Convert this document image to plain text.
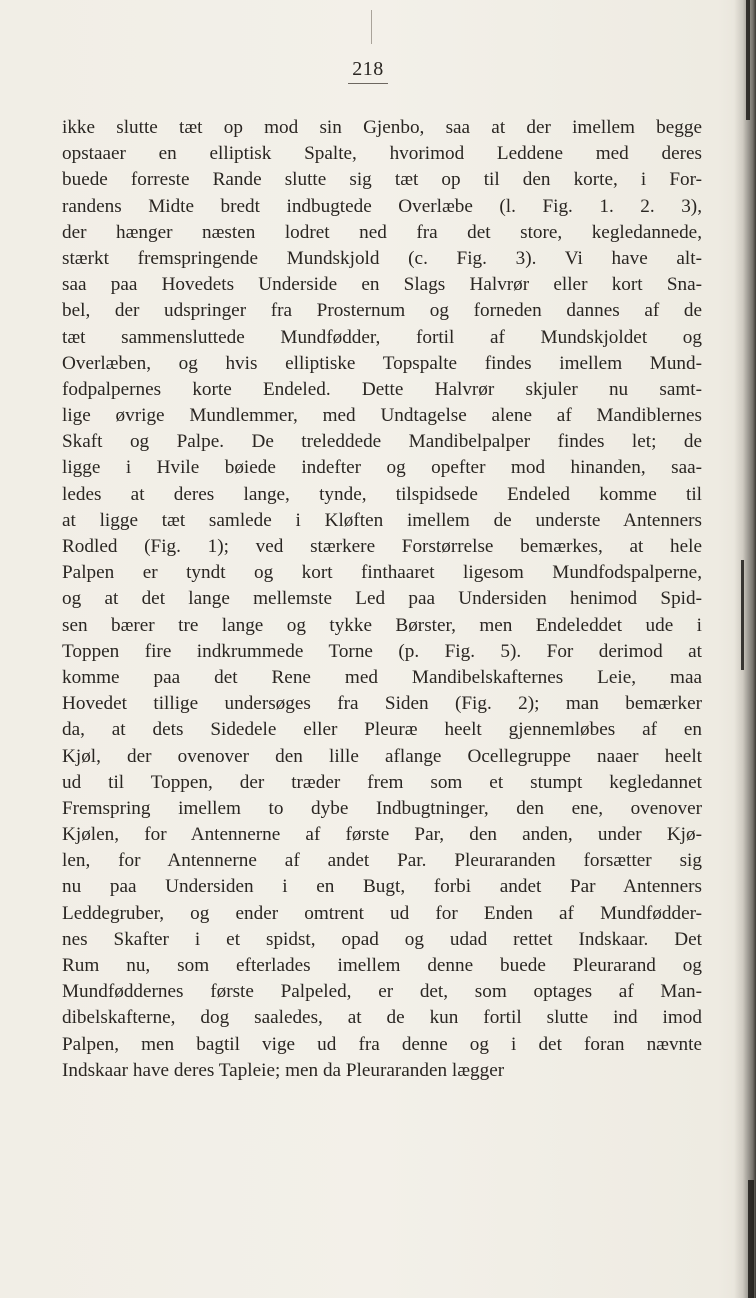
218
ikke slutte tæt op mod sin Gjenbo, saa at der imellem begge
opstaaer en elliptisk Spalte, hvorimod Leddene med deres
buede forreste Rande slutte sig tæt op til den korte, i For-
randens Midte bredt indbugtede Overlæbe (l. Fig. 1. 2. 3),
der hænger næsten lodret ned fra det store, kegledannede,
stærkt fremspringende Mundskjold (c. Fig. 3). Vi have alt-
saa paa Hovedets Underside en Slags Halvrør eller kort Sna-
bel, der udspringer fra Prosternum og forneden dannes af de
tæt sammensluttede Mundfødder, fortil af Mundskjoldet og
Overlæben, og hvis elliptiske Topspalte findes imellem Mund-
fodpalpernes korte Endeled. Dette Halvrør skjuler nu samt-
lige øvrige Mundlemmer, med Undtagelse alene af Mandiblernes
Skaft og Palpe. De treleddede Mandibelpalper findes let; de
ligge i Hvile bøiede indefter og opefter mod hinanden, saa-
ledes at deres lange, tynde, tilspidsede Endeled komme til
at ligge tæt samlede i Kløften imellem de underste Antenners
Rodled (Fig. 1); ved stærkere Forstørrelse bemærkes, at hele
Palpen er tyndt og kort finthaaret ligesom Mundfodspalperne,
og at det lange mellemste Led paa Undersiden henimod Spid-
sen bærer tre lange og tykke Børster, men Endeleddet ude i
Toppen fire indkrummede Torne (p. Fig. 5). For derimod at
komme paa det Rene med Mandibelskafternes Leie, maa
Hovedet tillige undersøges fra Siden (Fig. 2); man bemærker
da, at dets Sidedele eller Pleuræ heelt gjennemløbes af en
Kjøl, der ovenover den lille aflange Ocellegruppe naaer heelt
ud til Toppen, der træder frem som et stumpt kegledannet
Fremspring imellem to dybe Indbugtninger, den ene, ovenover
Kjølen, for Antennerne af første Par, den anden, under Kjø-
len, for Antennerne af andet Par. Pleuraranden forsætter sig
nu paa Undersiden i en Bugt, forbi andet Par Antenners
Leddegruber, og ender omtrent ud for Enden af Mundfødder-
nes Skafter i et spidst, opad og udad rettet Indskaar. Det
Rum nu, som efterlades imellem denne buede Pleurarand og
Mundføddernes første Palpeled, er det, som optages af Man-
dibelskafterne, dog saaledes, at de kun fortil slutte ind imod
Palpen, men bagtil vige ud fra denne og i det foran nævnte
Indskaar have deres Tapleie; men da Pleuraranden lægger
